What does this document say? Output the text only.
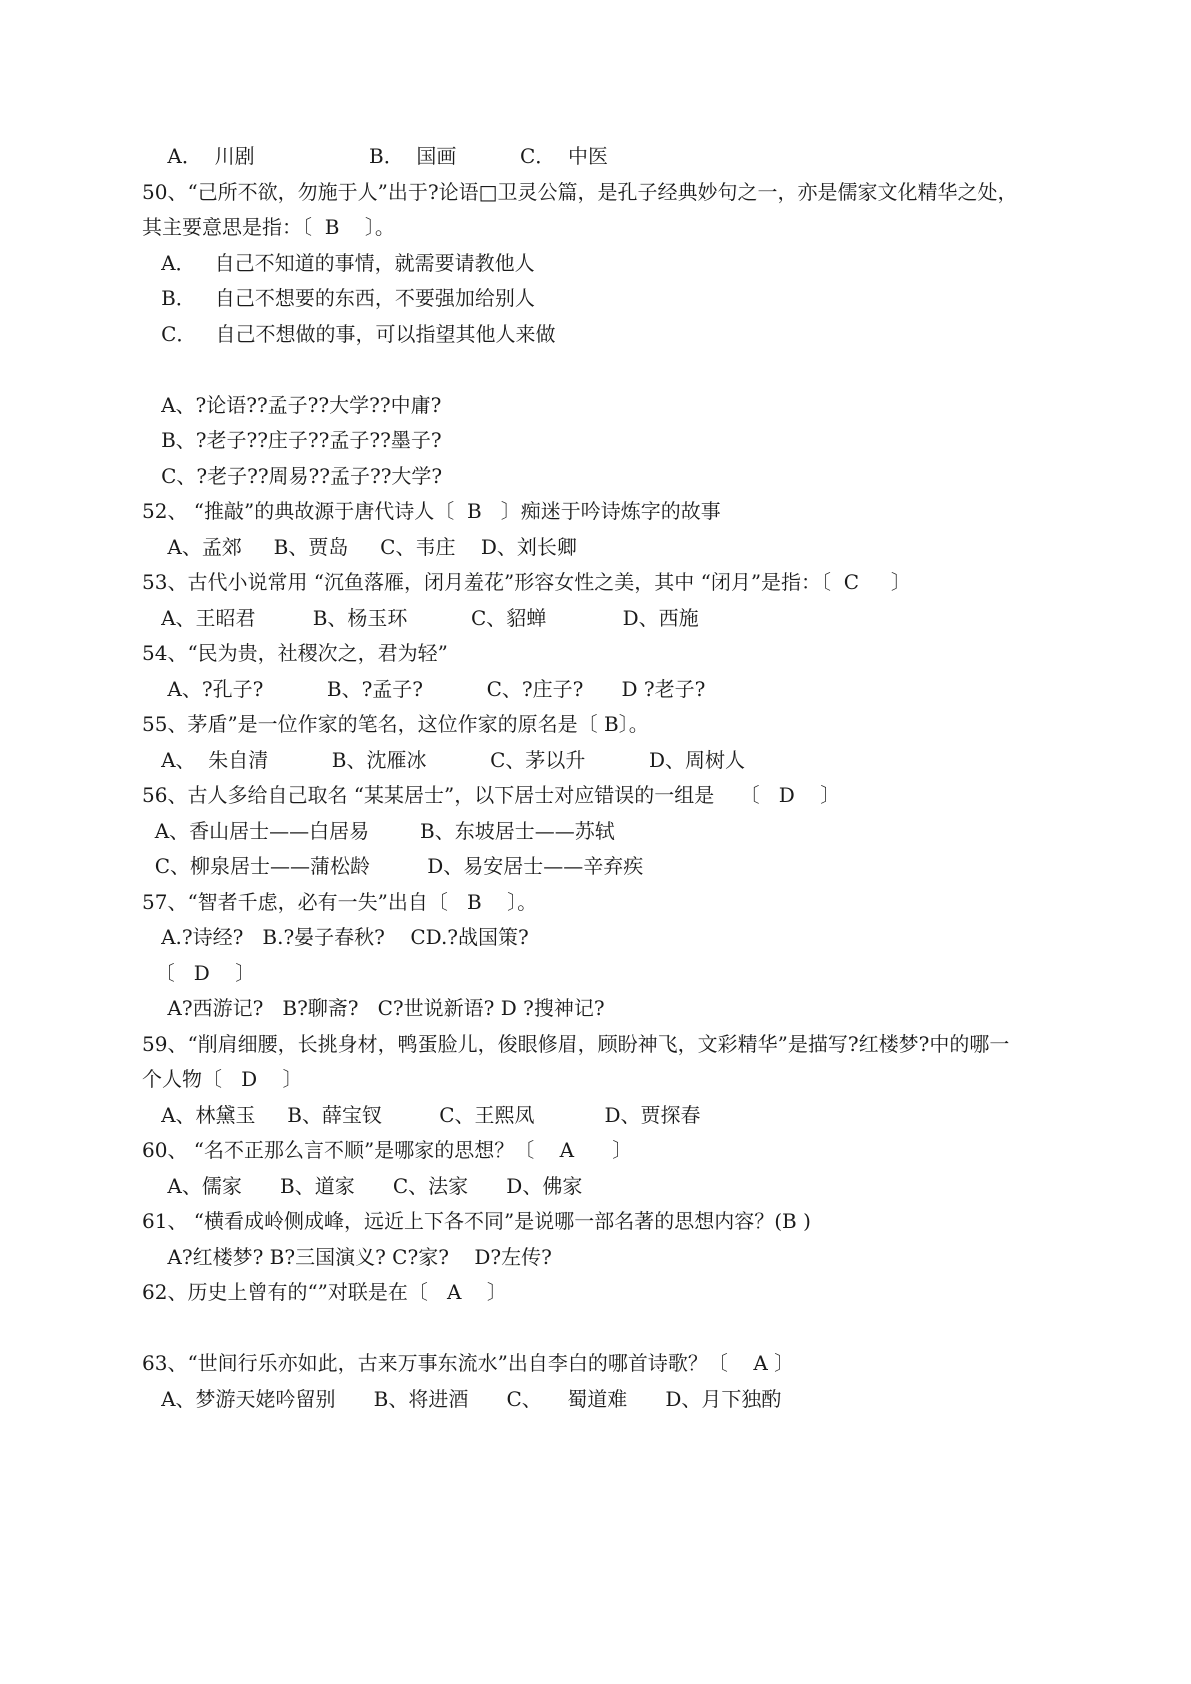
A．  川剧                  B．  国画          C．  中医
50、“己所不欲，勿施于人”出于?论语□卫灵公篇，是孔子经典妙句之一，亦是儒家文化精华之处，
其主要意思是指：〔  B    〕。
A．   自己不知道的事情，就需要请教他人
B．   自己不想要的东西，不要强加给别人
C．   自己不想做的事，可以指望其他人来做
A、?论语??孟子??大学??中庸?
B、?老子??庄子??孟子??墨子?
C、?老子??周易??孟子??大学?
52、 “推敲”的典故源于唐代诗人〔  B   〕痴迷于吟诗炼字的故事
A、孟郊     B、贾岛     C、韦庄    D、刘长卿
53、古代小说常用 “沉鱼落雁，闭月羞花”形容女性之美，其中 “闭月”是指：〔  C     〕
A、王昭君         B、杨玉环          C、貂蝉            D、西施
54、“民为贵，社稷次之，君为轻”
A、?孔子?          B、?孟子?          C、?庄子?      D ?老子?
55、茅盾”是一位作家的笔名，这位作家的原名是〔 B〕。
A、  朱自清          B、沈雁冰          C、茅以升          D、周树人
56、古人多给自己取名 “某某居士”，以下居士对应错误的一组是    〔   D    〕
A、香山居士——白居易        B、东坡居士——苏轼
C、柳泉居士——蒲松龄         D、易安居士——辛弃疾
57、“智者千虑，必有一失”出自〔   B    〕。
A.?诗经?   B.?晏子春秋?    CD.?战国策?
〔   D    〕
A?西游记?   B?聊斋?   C?世说新语? D ?搜神记?
59、“削肩细腰，长挑身材，鸭蛋脸儿，俊眼修眉，顾盼神飞，文彩精华”是描写?红楼梦?中的哪一
个人物〔   D    〕
A、林黛玉     B、薛宝钗         C、王熙凤           D、贾探春
60、 “名不正那么言不顺”是哪家的思想？〔    A      〕
A、儒家      B、道家      C、法家      D、佛家
61、 “横看成岭侧成峰，远近上下各不同”是说哪一部名著的思想内容？(B )
A?红楼梦? B?三国演义? C?家?    D?左传?
62、历史上曾有的“”对联是在〔   A    〕
63、“世间行乐亦如此，古来万事东流水”出自李白的哪首诗歌？〔    A 〕
A、梦游天姥吟留别      B、将进酒      C、    蜀道难      D、月下独酌
